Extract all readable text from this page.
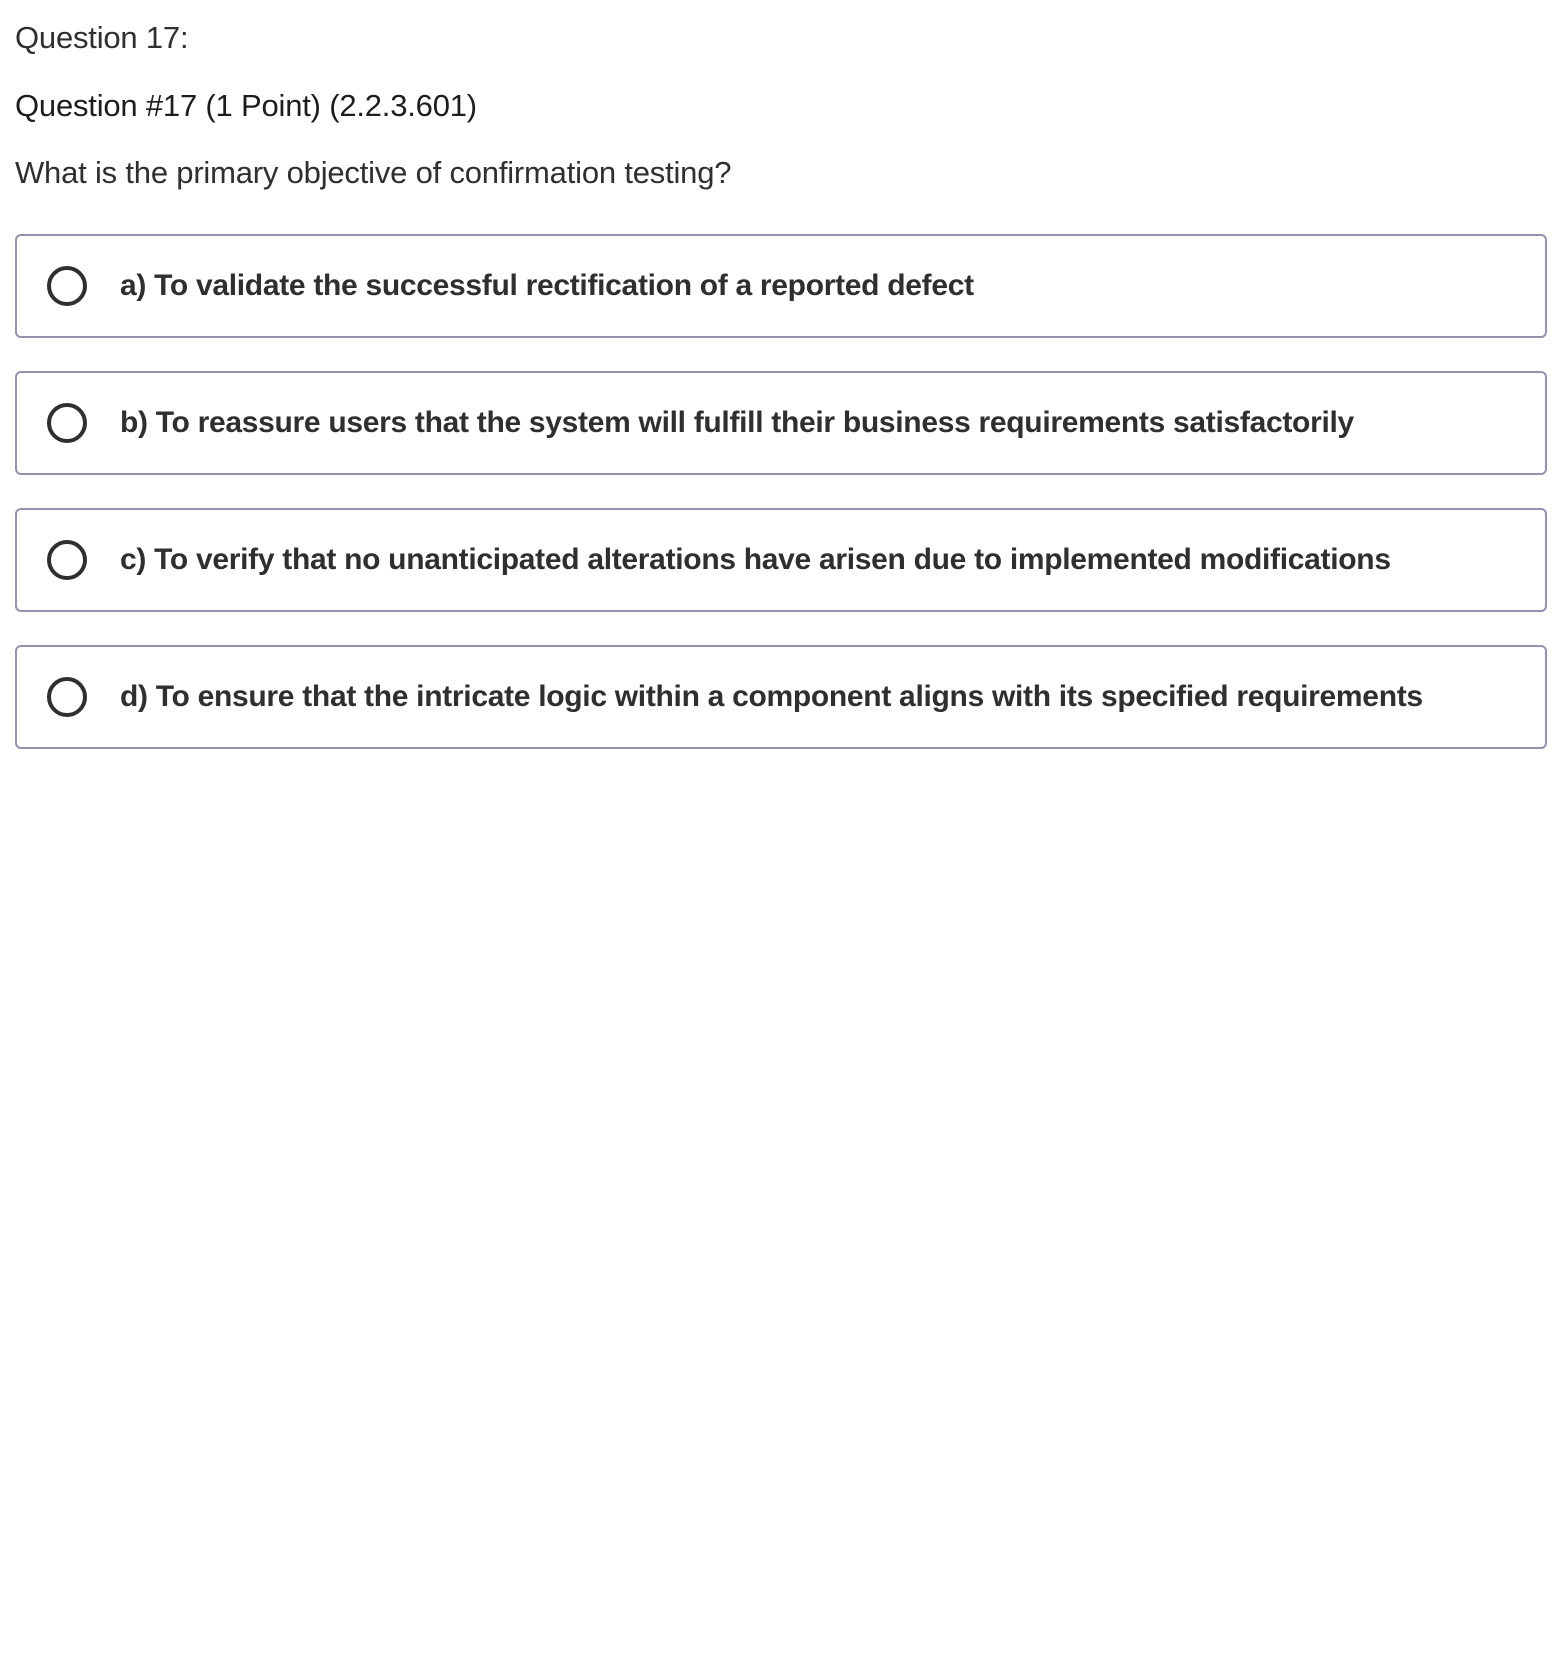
Question 17:

Question #17 (1 Point) (2.2.3.601)

What is the primary objective of confirmation testing?

a) To validate the successful rectification of a reported defect
b) To reassure users that the system will fulfill their business requirements satisfactorily
c) To verify that no unanticipated alterations have arisen due to implemented modifications
d) To ensure that the intricate logic within a component aligns with its specified requirements
